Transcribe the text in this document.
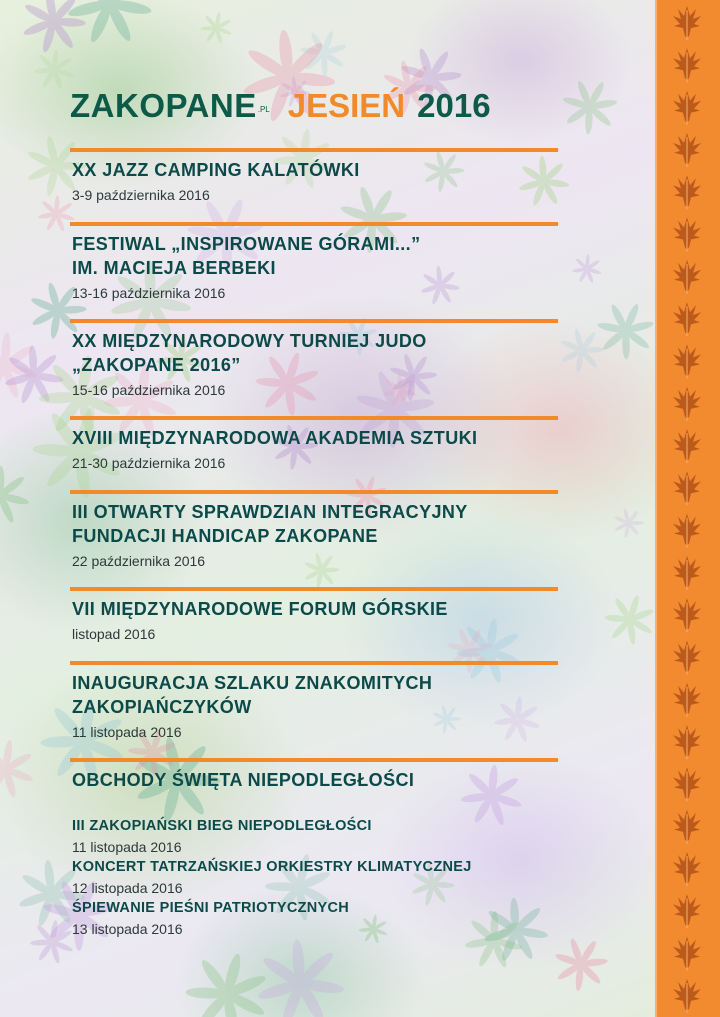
ZAKOPANE .PL JESIEŃ 2016
XX JAZZ CAMPING KALATÓWKI
3-9 października 2016
FESTIWAL „INSPIROWANE GÓRAMI...”
IM. MACIEJA BERBEKI
13-16 października 2016
XX MIĘDZYNARODOWY TURNIEJ JUDO
„ZAKOPANE 2016”
15-16 października 2016
XVIII MIĘDZYNARODOWA AKADEMIA SZTUKI
21-30 października 2016
III OTWARTY SPRAWDZIAN INTEGRACYJNY
FUNDACJI HANDICAP ZAKOPANE
22 października 2016
VII MIĘDZYNARODOWE FORUM GÓRSKIE
listopad 2016
INAUGURACJA SZLAKU ZNAKOMITYCH
ZAKOPIAŃCZYKÓW
11 listopada 2016
OBCHODY ŚWIĘTA NIEPODLEGŁOŚCI
III ZAKOPIAŃSKI BIEG NIEPODLEGŁOŚCI
11 listopada 2016
KONCERT TATRZAŃSKIEJ ORKIESTRY KLIMATYCZNEJ
12 listopada 2016
ŚPIEWANIE PIEŚNI PATRIOTYCZNYCH
13 listopada 2016
